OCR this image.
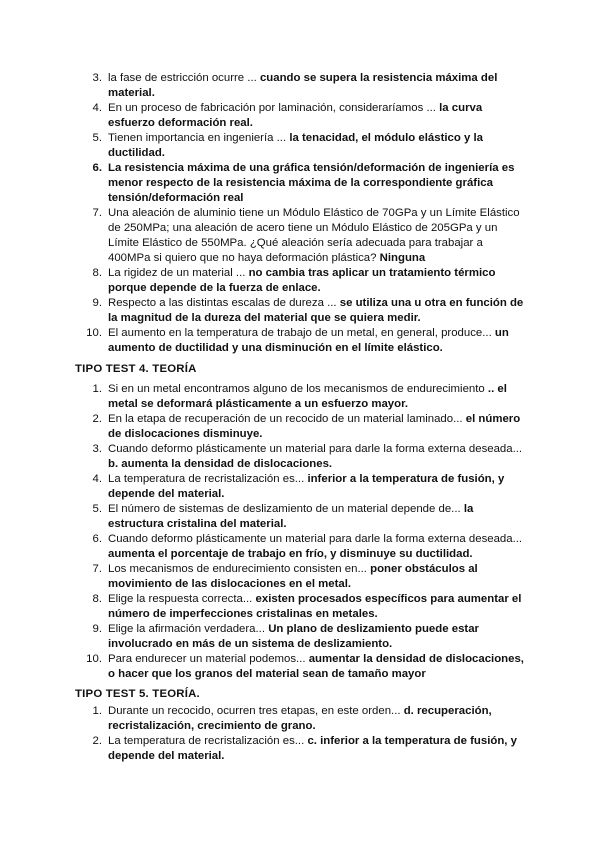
3. la fase de estricción ocurre ... cuando se supera la resistencia máxima del material.
4. En un proceso de fabricación por laminación, consideraríamos ... la curva esfuerzo deformación real.
5. Tienen importancia en ingeniería ... la tenacidad, el módulo elástico y la ductilidad.
6. La resistencia máxima de una gráfica tensión/deformación de ingeniería es menor respecto de la resistencia máxima de la correspondiente gráfica tensión/deformación real
7. Una aleación de aluminio tiene un Módulo Elástico de 70GPa y un Límite Elástico de 250MPa; una aleación de acero tiene un Módulo Elástico de 205GPa y un Límite Elástico de 550MPa. ¿Qué aleación sería adecuada para trabajar a 400MPa si quiero que no haya deformación plástica? Ninguna
8. La rigidez de un material ... no cambia tras aplicar un tratamiento térmico porque depende de la fuerza de enlace.
9. Respecto a las distintas escalas de dureza ... se utiliza una u otra en función de la magnitud de la dureza del material que se quiera medir.
10. El aumento en la temperatura de trabajo de un metal, en general, produce... un aumento de ductilidad y una disminución en el límite elástico.
TIPO TEST 4. TEORÍA
1. Si en un metal encontramos alguno de los mecanismos de endurecimiento .. el metal se deformará plásticamente a un esfuerzo mayor.
2. En la etapa de recuperación de un recocido de un material laminado... el número de dislocaciones disminuye.
3. Cuando deformo plásticamente un material para darle la forma externa deseada... b. aumenta la densidad de dislocaciones.
4. La temperatura de recristalización es... inferior a la temperatura de fusión, y depende del material.
5. El número de sistemas de deslizamiento de un material depende de... la estructura cristalina del material.
6. Cuando deformo plásticamente un material para darle la forma externa deseada... aumenta el porcentaje de trabajo en frío, y disminuye su ductilidad.
7. Los mecanismos de endurecimiento consisten en... poner obstáculos al movimiento de las dislocaciones en el metal.
8. Elige la respuesta correcta... existen procesados específicos para aumentar el número de imperfecciones cristalinas en metales.
9. Elige la afirmación verdadera... Un plano de deslizamiento puede estar involucrado en más de un sistema de deslizamiento.
10. Para endurecer un material podemos... aumentar la densidad de dislocaciones, o hacer que los granos del material sean de tamaño mayor
TIPO TEST 5. TEORÍA.
1. Durante un recocido, ocurren tres etapas, en este orden... d. recuperación, recristalización, crecimiento de grano.
2. La temperatura de recristalización es... c. inferior a la temperatura de fusión, y depende del material.
